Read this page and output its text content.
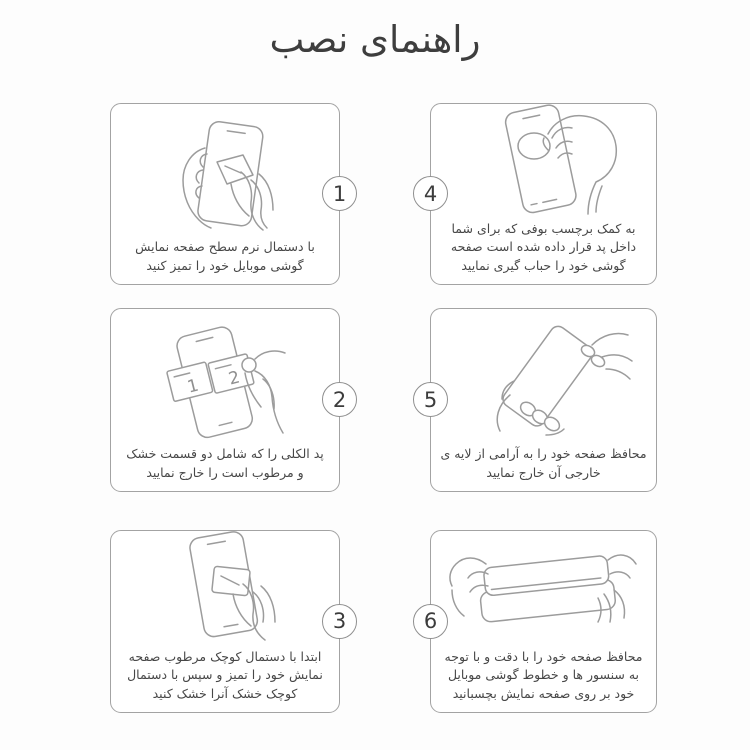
راهنمای نصب
با دستمال نرم سطح صفحه نمایش
گوشی موبایل خود را تمیز کنید
1
1 2
پد الکلی را که شامل دو قسمت خشک
و مرطوب است را خارج نمایید
2
ابتدا با دستمال کوچک مرطوب صفحه
نمایش خود را تمیز و سپس با دستمال
کوچک خشک آنرا خشک کنید
3
به کمک برچسب بوفی که برای شما
داخل پد قرار داده شده است صفحه
گوشی خود را حباب گیری نمایید
4
محافظ صفحه خود را به آرامی از لایه ی
خارجی آن خارج نمایید
5
محافظ صفحه خود را با دقت و با توجه
به سنسور ها و خطوط گوشی موبایل
خود بر روی صفحه نمایش بچسبانید
6
